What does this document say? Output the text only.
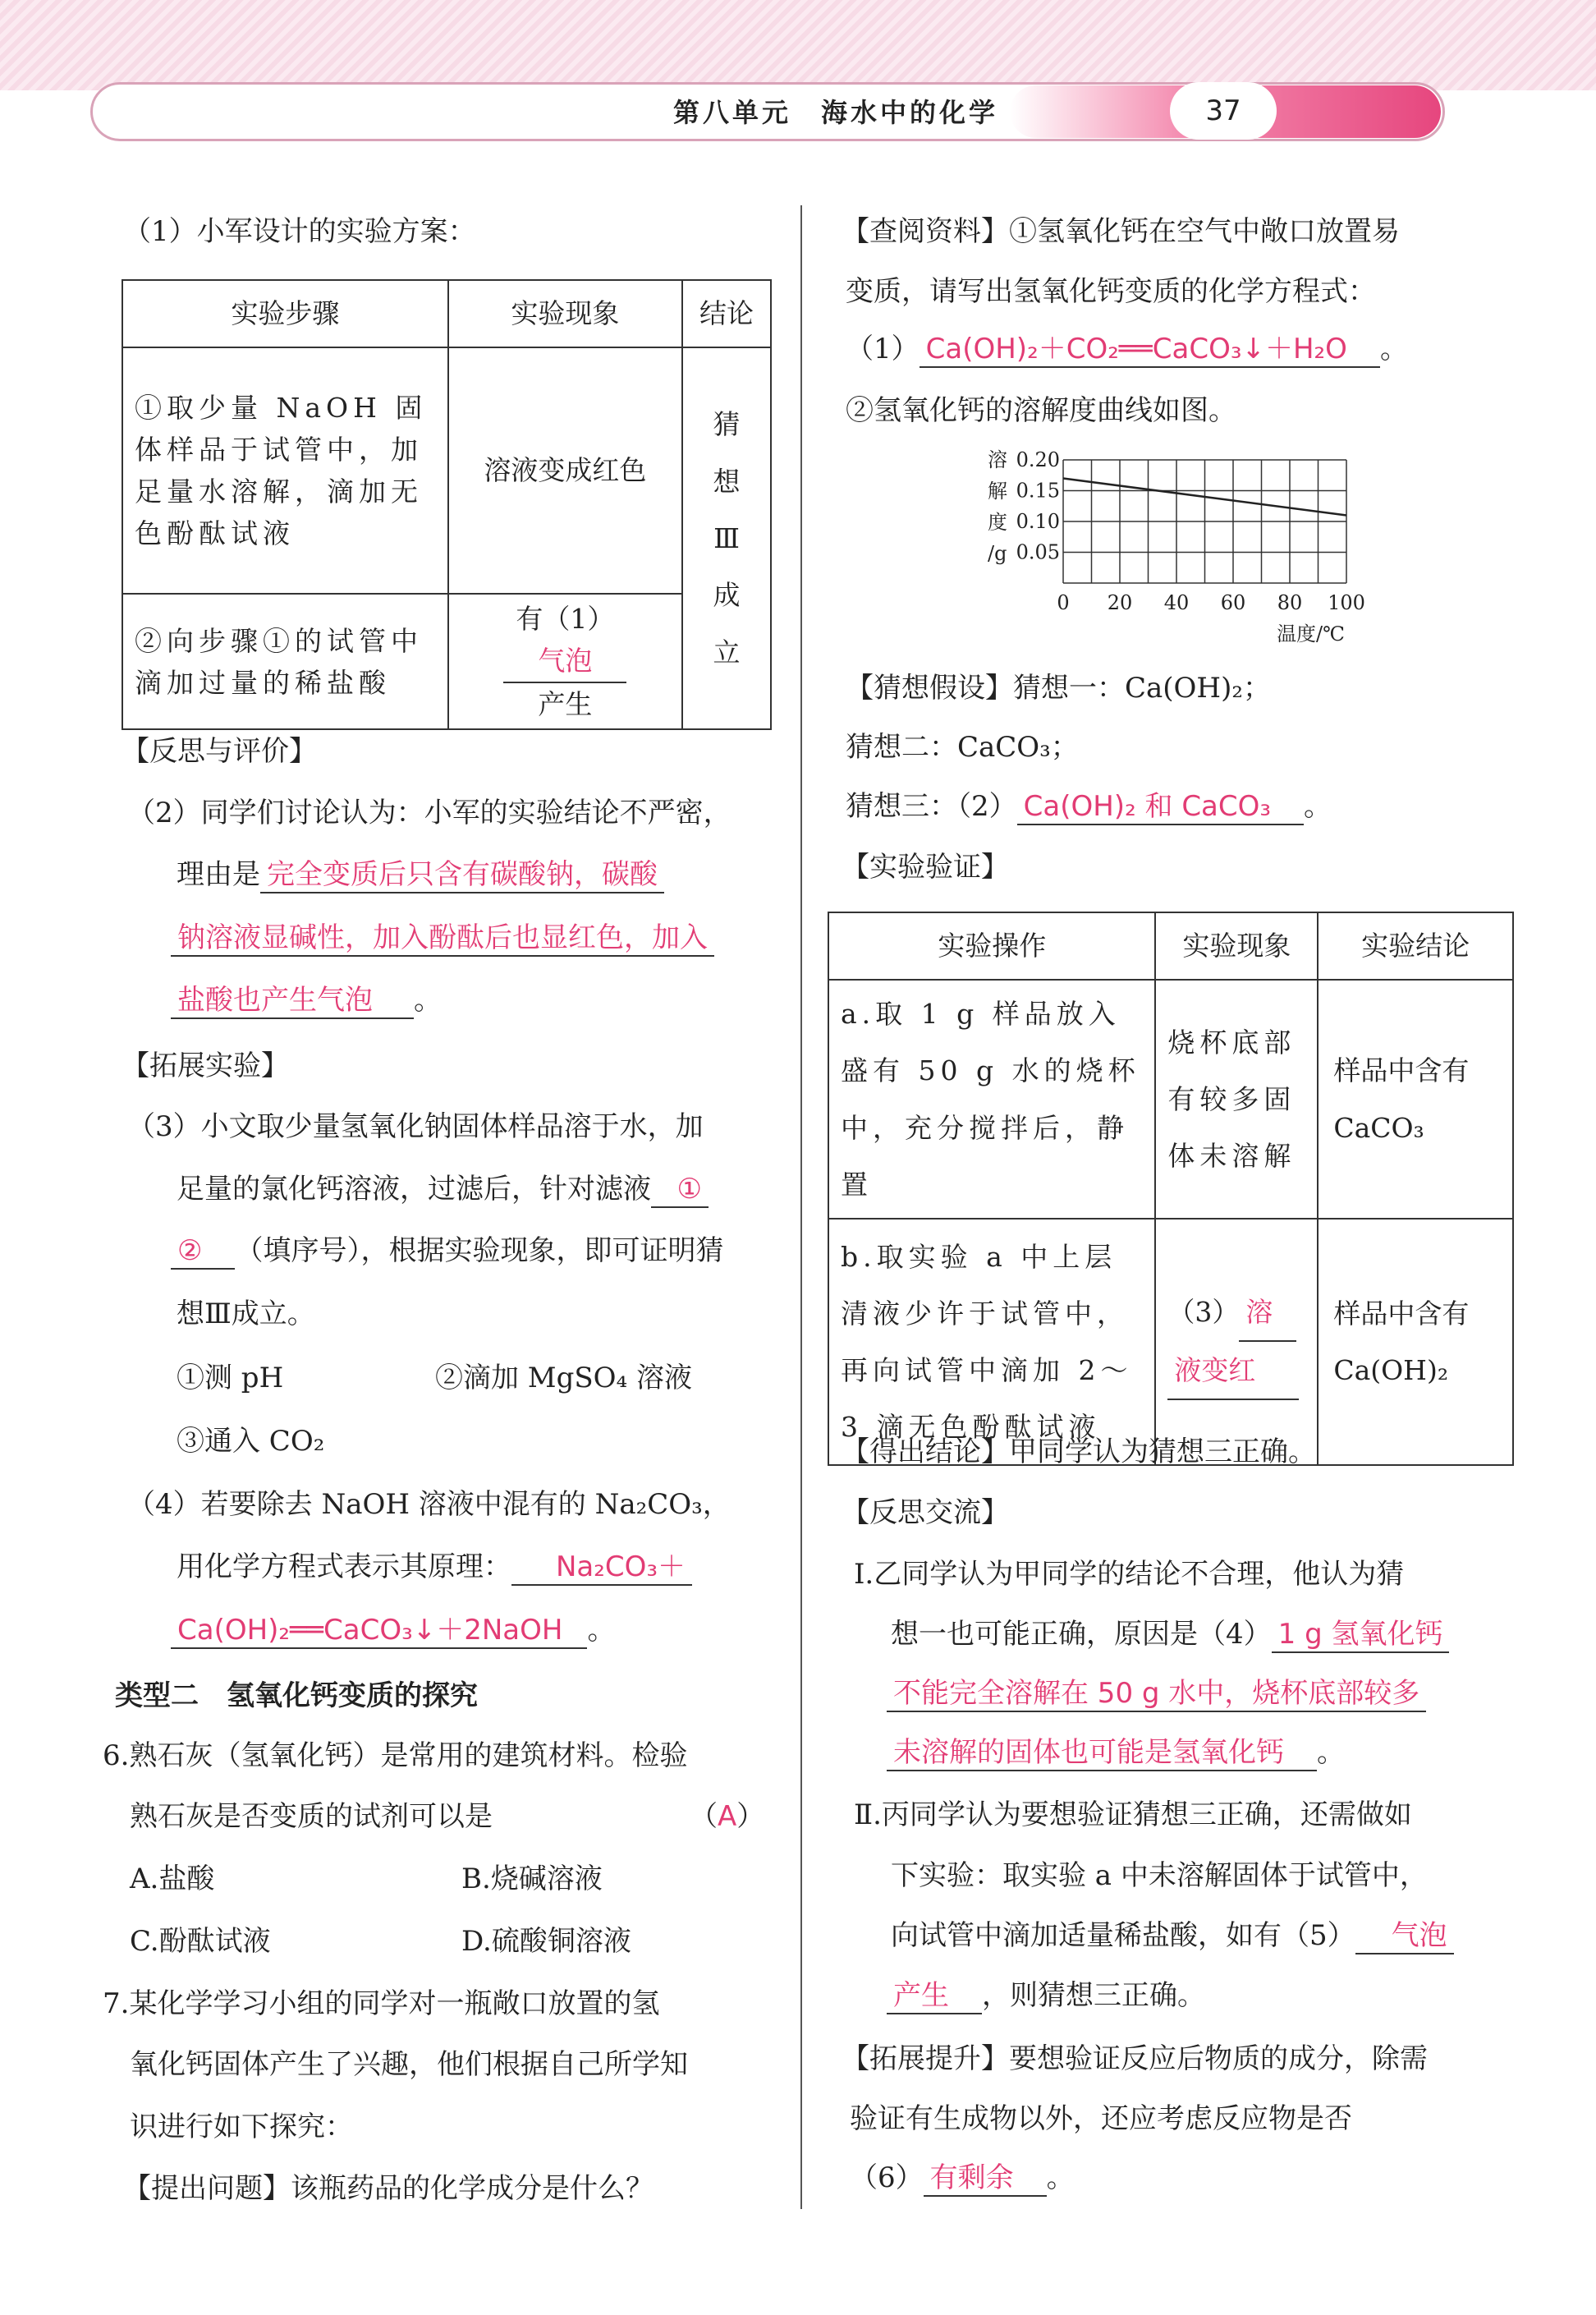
第八单元　海水中的化学	37
（1）小军设计的实验方案：
实验步骤	实验现象	结论
①取少量 NaOH 固体样品于试管中，加足量水溶解，滴加无色酚酞试液	溶液变成红色	猜想Ⅲ成立
②向步骤①的试管中滴加过量的稀盐酸	有（1）气泡
产生	
【反思与评价】
（2）同学们讨论认为：小军的实验结论不严密，
理由是 完全变质后只含有碳酸钠，碳酸
钠溶液显碱性，加入酚酞后也显红色，加入
盐酸也产生气泡 。
【拓展实验】
（3）小文取少量氢氧化钠固体样品溶于水，加
足量的氯化钙溶液，过滤后，针对滤液 ①
② （填序号），根据实验现象，即可证明猜
想Ⅲ成立。
①测 pH	②滴加 MgSO₄ 溶液
③通入 CO₂
（4）若要除去 NaOH 溶液中混有的 Na₂CO₃，
用化学方程式表示其原理： Na₂CO₃＋
Ca(OH)₂══CaCO₃↓＋2NaOH 。
类型二　氢氧化钙变质的探究
6.熟石灰（氢氧化钙）是常用的建筑材料。检验
熟石灰是否变质的试剂可以是	（A）
A.盐酸	B.烧碱溶液
C.酚酞试液	D.硫酸铜溶液
7.某化学学习小组的同学对一瓶敞口放置的氢
氧化钙固体产生了兴趣，他们根据自己所学知
识进行如下探究：
【提出问题】该瓶药品的化学成分是什么？
【查阅资料】①氢氧化钙在空气中敞口放置易
变质，请写出氢氧化钙变质的化学方程式：
（1） Ca(OH)₂＋CO₂══CaCO₃↓＋H₂O 。
②氢氧化钙的溶解度曲线如图。
0 20 40 60 80 100
0.05
0.10
0.15
0.20
溶
解
度
/g
温度/℃
【猜想假设】猜想一：Ca(OH)₂；
猜想二：CaCO₃；
猜想三：（2） Ca(OH)₂ 和 CaCO₃ 。
【实验验证】
实验操作	实验现象	实验结论
a.取 1 g 样品放入盛有 50 g 水的烧杯中，充分搅拌后，静置	烧杯底部有较多固体未溶解	样品中含有 CaCO₃
b.取实验 a 中上层清液少许于试管中，再向试管中滴加 2～3 滴无色酚酞试液	（3） 溶
液变红	样品中含有 Ca(OH)₂
【得出结论】甲同学认为猜想三正确。
【反思交流】
Ⅰ.乙同学认为甲同学的结论不合理，他认为猜
想一也可能正确，原因是（4） 1 g 氢氧化钙
不能完全溶解在 50 g 水中，烧杯底部较多
未溶解的固体也可能是氢氧化钙 。
Ⅱ.丙同学认为要想验证猜想三正确，还需做如
下实验：取实验 a 中未溶解固体于试管中，
向试管中滴加适量稀盐酸，如有（5） 气泡
产生 ，则猜想三正确。
【拓展提升】要想验证反应后物质的成分，除需
验证有生成物以外，还应考虑反应物是否
（6） 有剩余 。
